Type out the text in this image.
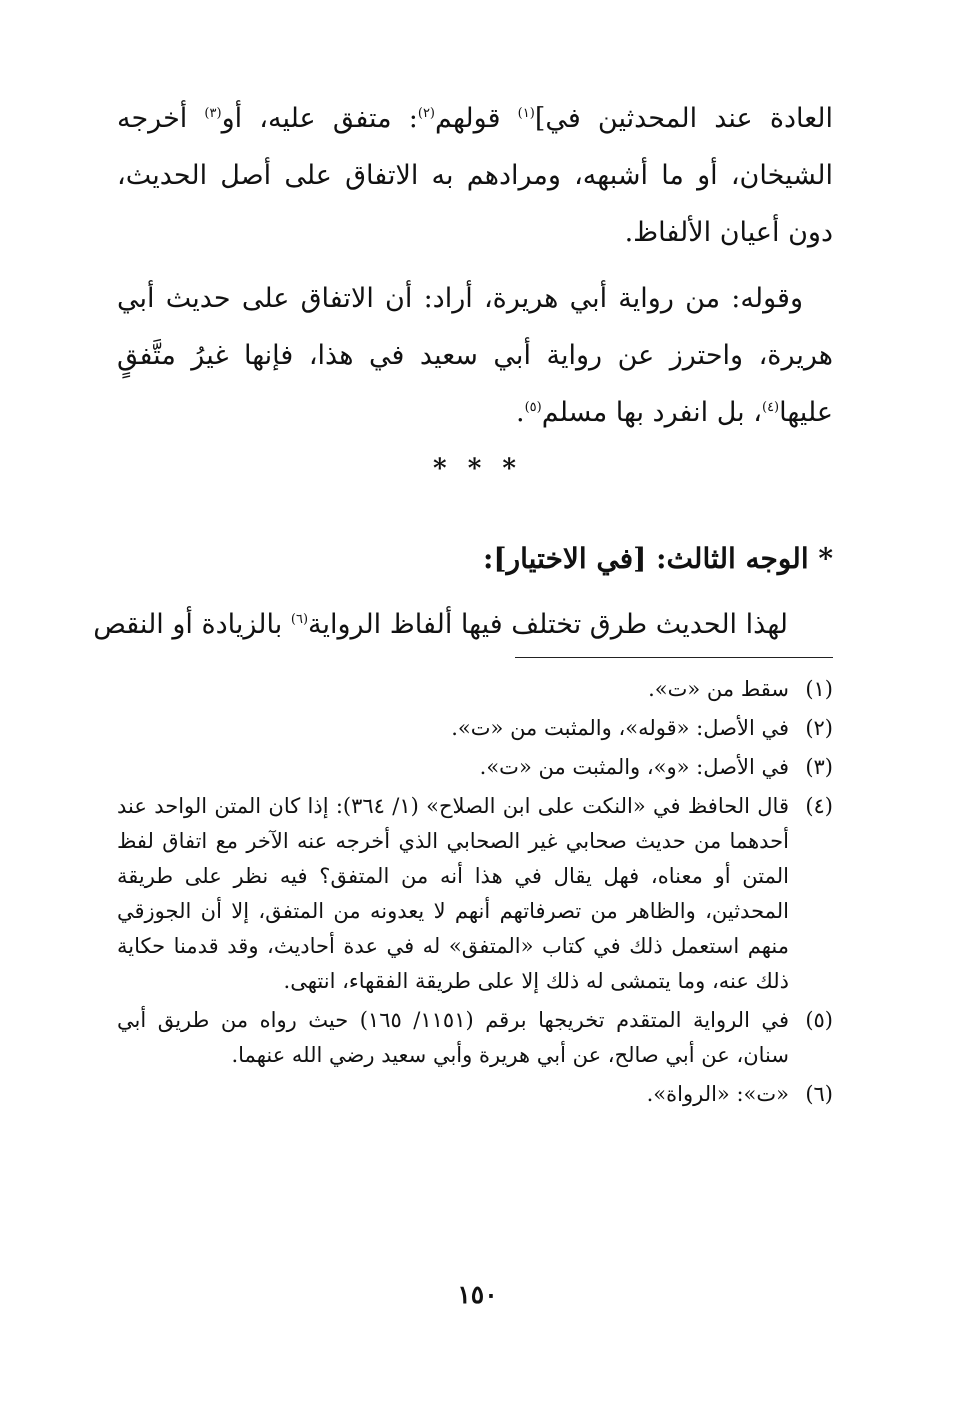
العادة عند المحدثين في]$^{(١)}$ قولهم$^{(٢)}$: متفق عليه، أو$^{(٣)}$ أخرجه الشيخان، أو ما أشبهه، ومرادهم به الاتفاق على أصل الحديث، دون أعيان الألفاظ.

وقوله: من رواية أبي هريرة، أراد: أن الاتفاق على حديث أبي هريرة، واحترز عن رواية أبي سعيد في هذا، فإنها غيرُ متَّفقٍ عليها$^{(٤)}$، بل انفرد بها مسلم$^{(٥)}$.

* * *
* الوجه الثالث: [في الاختيار]:

لهذا الحديث طرق تختلف فيها ألفاظ الرواية$^{(٦)}$ بالزيادة أو النقص

(١)
سقط من «ت».
(٢)
في الأصل: «قوله»، والمثبت من «ت».
(٣)
في الأصل: «و»، والمثبت من «ت».
(٤)
قال الحافظ في «النكت على ابن الصلاح» (١/ ٣٦٤): إذا كان المتن الواحد عند أحدهما من حديث صحابي غير الصحابي الذي أخرجه عنه الآخر مع اتفاق لفظ المتن أو معناه، فهل يقال في هذا أنه من المتفق؟ فيه نظر على طريقة المحدثين، والظاهر من تصرفاتهم أنهم لا يعدونه من المتفق، إلا أن الجوزقي منهم استعمل ذلك في كتاب «المتفق» له في عدة أحاديث، وقد قدمنا حكاية ذلك عنه، وما يتمشى له ذلك إلا على طريقة الفقهاء، انتهى.
(٥)
في الرواية المتقدم تخريجها برقم (١١٥١/ ١٦٥) حيث رواه من طريق أبي سنان، عن أبي صالح، عن أبي هريرة وأبي سعيد رضي الله عنهما.
(٦)
«ت»: «الرواة».
١٥٠
